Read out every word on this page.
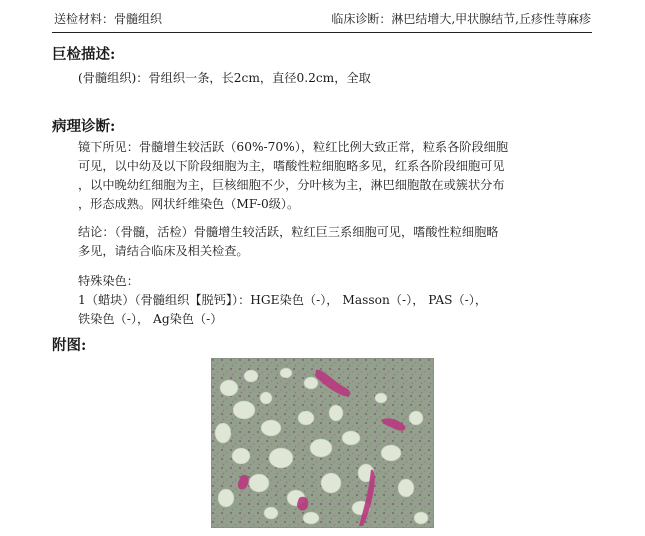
送检材料：骨髓组织	临床诊断：淋巴结增大,甲状腺结节,丘疹性荨麻疹
巨检描述:
(骨髓组织)：骨组织一条，长2cm，直径0.2cm，全取
病理诊断:
镜下所见：骨髓增生较活跃（60%-70%），粒红比例大致正常，粒系各阶段细胞
可见，以中幼及以下阶段细胞为主，嗜酸性粒细胞略多见，红系各阶段细胞可见
，以中晚幼红细胞为主，巨核细胞不少，分叶核为主，淋巴细胞散在或簇状分布
，形态成熟。网状纤维染色（MF-0级）。
结论：（骨髓，活检）骨髓增生较活跃，粒红巨三系细胞可见，嗜酸性粒细胞略
多见，请结合临床及相关检查。
特殊染色：
1（蜡块）（骨髓组织【脱钙】）：HGE染色（-）， Masson（-）， PAS（-），
铁染色（-）， Ag染色（-）
附图:
